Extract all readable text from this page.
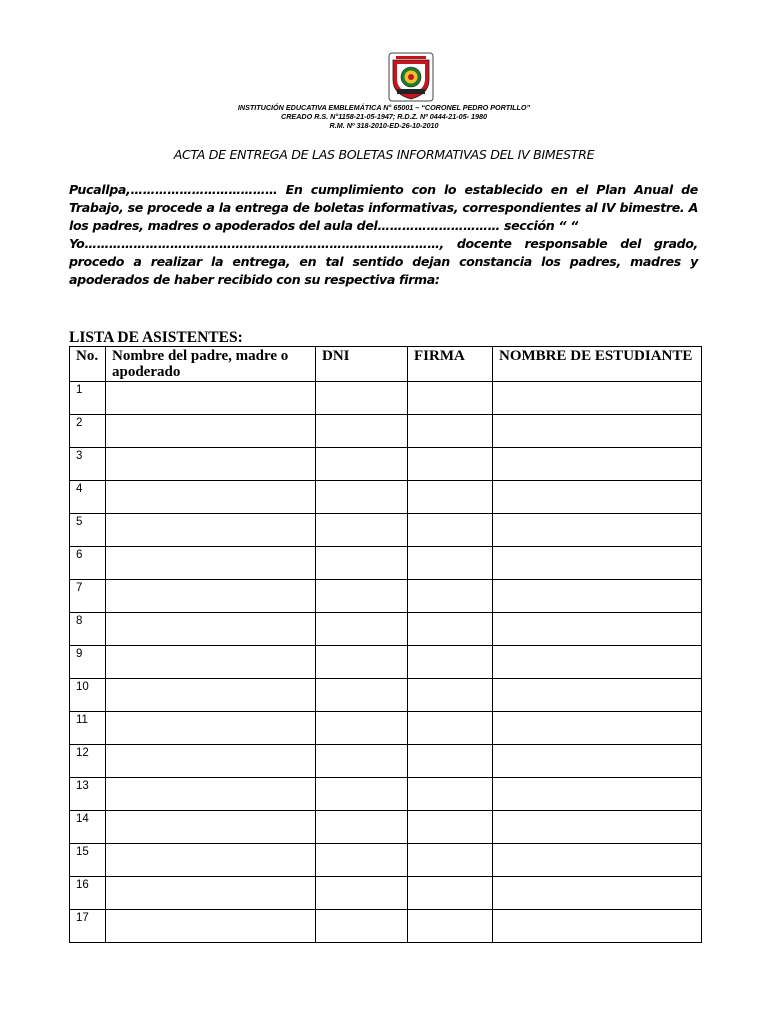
INSTITUCIÓN EDUCATIVA EMBLEMÁTICA N° 65001 – “CORONEL PEDRO PORTILLO”
CREADO R.S. N°1158-21-05-1947; R.D.Z. Nº 0444-21-05- 1980
R.M. Nº 318-2010-ED-26-10-2010
ACTA DE ENTREGA DE LAS BOLETAS INFORMATIVAS DEL IV BIMESTRE
Pucallpa,……………………………… En cumplimiento con lo establecido en el Plan Anual de Trabajo, se procede a la entrega de boletas informativas, correspondientes al IV bimestre. A los padres, madres o apoderados del aula del………………………… sección “ “
Yo……………………………………………………………………………, docente responsable del grado, procedo a realizar la entrega, en tal sentido dejan constancia los padres, madres y apoderados de haber recibido con su respectiva firma:
LISTA DE ASISTENTES:
No.	Nombre del padre, madre o apoderado	DNI	FIRMA	NOMBRE DE ESTUDIANTE
1				
2				
3				
4				
5				
6				
7				
8				
9				
10				
11				
12				
13				
14				
15				
16				
17				
